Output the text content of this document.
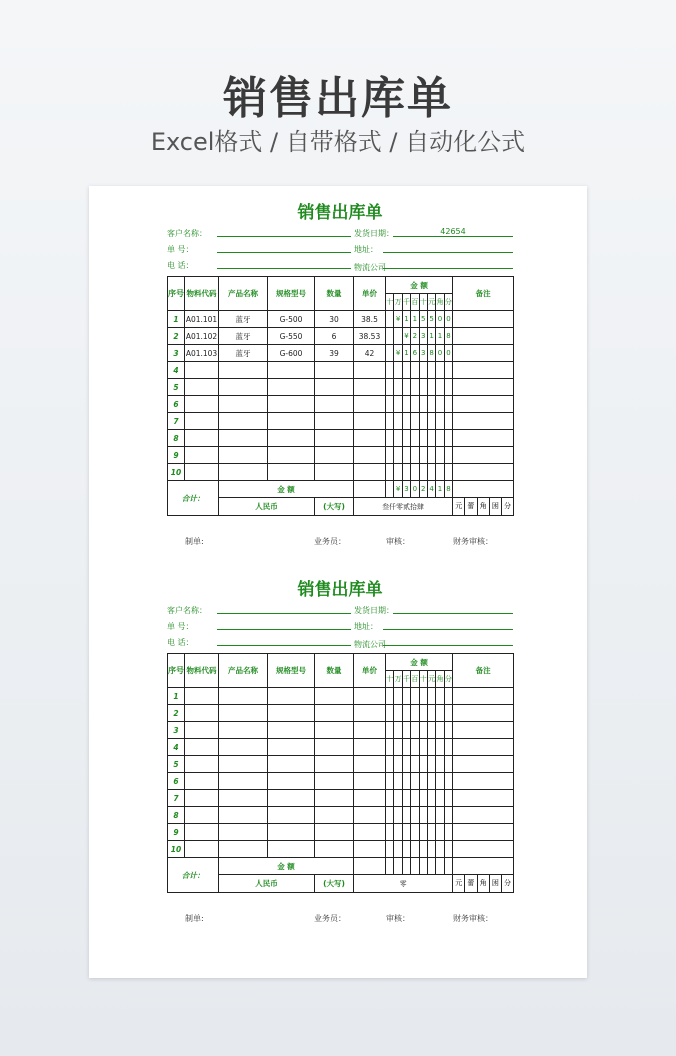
销售出库单
Excel格式 / 自带格式 / 自动化公式
销售出库单
客户名称：	发货日期：	42654
单 号：	地址：
电 话：	物流公司
序号	物料代码	产品名称	规格型号	数量	单价	金 额								备注
						十	万	千	百	十	元	角	分	
1	A01.101	蓝牙	G-500	30	38.5		¥	1	1	5	5	0	0	
2	A01.102	蓝牙	G-550	6	38.53			¥	2	3	1	1	8	
3	A01.103	蓝牙	G-600	39	42		¥	1	6	3	8	0	0	
4														
5														
6														
7														
8														
9														
10														
合计：		金 额					¥	3	0	2	4	1	8	
		人民币		(大写)	叁仟零贰拾肆									元 蕾 角 困 分
制单:	业务员：	审核：	财务审核：
销售出库单
客户名称：	发货日期：
单 号：	地址：
电 话：	物流公司
序号	物料代码	产品名称	规格型号	数量	单价	金 额								备注
						十	万	千	百	十	元	角	分	
1														
2														
3														
4														
5														
6														
7														
8														
9														
10														
合计：		金 额												
		人民币		(大写)	零									元 蕾 角 困 分
制单:	业务员：	审核：	财务审核：
